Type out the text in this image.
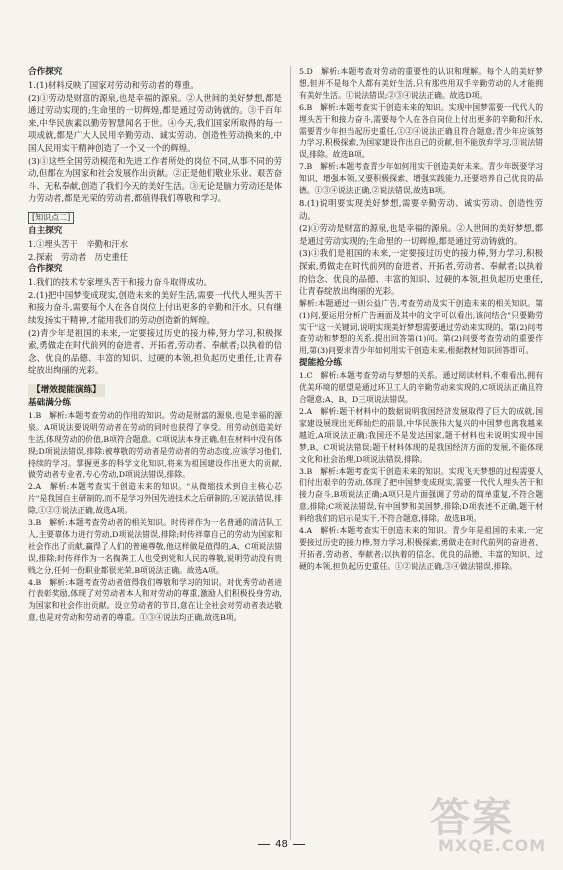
合作探究

1.(1)材料反映了国家对劳动和劳动者的尊重。

(2)①劳动是财富的源泉,也是幸福的源泉。②人世间的美好梦想,都是通过劳动实现的;生命里的一切辉煌,都是通过劳动铸就的。③千百年来,中华民族素以勤劳智慧闻名于世。④今天,我们国家所取得的每一项成就,都是广大人民用辛勤劳动、诚实劳动、创造性劳动换来的,中国人民用实干精神创造了一个又一个的辉煌。

(3)①这些全国劳动模范和先进工作者所处的岗位不同,从事不同的劳动,但都在为国家和社会发展作出贡献。②正是他们敬业乐业、艰苦奋斗、无私奉献,创造了我们今天的美好生活。③无论是脑力劳动还是体力劳动者,都是光荣的劳动者,都值得我们尊敬和学习。

[知识点二]
自主探究

1.①埋头苦干　辛勤和汗水

2.探索　劳动者　历史重任

合作探究

1.我们的技术专家埋头苦干和接力奋斗取得成功。

2.(1)把中国梦变成现实,创造未来的美好生活,需要一代代人埋头苦干和接力奋斗,需要每个人在各自岗位上付出更多的辛勤和汗水。只有继续发扬实干精神,才能用我们的劳动创造新的辉煌。

(2)青少年是祖国的未来,一定要接过历史的接力棒,努力学习,积极探索,勇做走在时代前列的奋进者、开拓者,劳动者、奉献者;以执着的信念、优良的品德、丰富的知识、过硬的本领,担负起历史重任,让青春绽放出绚丽的光彩。

【增效提能演练】
基础满分练

1.B　解析:本题考查劳动的作用的知识。劳动是财富的源泉,也是幸福的源泉。A项说法要说明劳动者在劳动的同时也获得了享受。用劳动创造美好生活,体现劳动的价值,B项符合题意。C项说法本身正确,但在材料中没有体现;D项说法错误,排除:被尊敬的劳动者是劳动者的劳动态度,应该学习他们,持续的学习。掌握更多的科学文化知识,将来为祖国建设作出更大的贡献,做劳动者专业者,专心劳动,D项说法错误,排除。

2.A　解析:本题考查实干创造未来的知识。"从微缩技术到自主核心芯片"是我国自主研制的,而不是学习外国先进技术之后研制的,④说法错误,排除,①②③说法正确,故选A项。

3.B　解析:本题考查劳动者的相关知识。时传祥作为一名普通的清洁队工人,主要靠体力进行劳动,D项说法错误,排除;时传祥靠自己的劳动为国家和社会作出了贡献,赢得了人们的普遍尊敬,他这样做是值得的,A、C项说法错误,排除;时传祥作为一名掏粪工人也受到党和人民的尊敬,说明劳动没有贵贱之分,任何一份职业都很光荣,B项说法正确。故选A项。

4.B　解析:本题考查劳动者值得我们尊敬和学习的知识。对优秀劳动者进行表彰奖励,体现了对劳动者本人和对劳动的尊重,激励人们积极投身劳动,为国家和社会作出贡献。设立劳动者的节日,意在让全社会对劳动者表达敬意,也是对劳动和劳动者的尊重。①③④说法均正确,故选B项。

5.D　解析:本题考查对劳动的重要性的认识和理解。每个人的美好梦想,但并不是每个人都有美好生活,只有那些用双手辛勤劳动的人才能拥有美好生活。①说法错误;②③④说法正确。故选D项。

6.B　解析:本题考查实干创造未来的知识。实现中国梦需要一代代人的埋头苦干和接力奋斗,需要每个人在各自岗位上付出更多的辛勤和汗水,需要青少年担当起历史重任,①②④说法正确且符合题意;青少年应该努力学习,积极探索,为国家建设作出自己的贡献,但不能放弃学习,③说法错误,排除。故选B项。

7.B　解析:本题考查青少年如何用实干创造美好未来。青少年既要学习知识、增强本领,又要积极探索、增强实践能力,还要培养自己优良的品德。①③④说法正确,②说法错误,故选B项。

8.(1)说明要实现美好梦想,需要辛勤劳动、诚实劳动、创造性劳动。

(2)①劳动是财富的源泉,也是幸福的源泉。②人世间的美好梦想,都是通过劳动实现的;生命里的一切辉煌,都是通过劳动铸就的。

(3)①我们是祖国的未来,一定要接过历史的接力棒,努力学习,积极探索,勇做走在时代前列的奋进者、开拓者,劳动者、奉献者;以执着的信念、优良的品德、丰富的知识、过硬的本领,担负起历史重任,让青春绽放出绚丽的光彩。

解析:本题通过一则公益广告,考查劳动及实干创造未来的相关知识。第(1)问,要运用分析广告画面及其中的文字可以看出,该问结合"只要勤劳实干"这一关键词,说明实现美好梦想需要通过劳动来实现的。第(2)问考查劳动和梦想的关系,提出回答第(1)问。第(2)问要考查劳动的重要作用,第(3)问要求青少年如何用实干创造未来,根据教材知识回答即可。

提能抢分练

1.C　解析:本题考查劳动与梦想的关系。通过阅读材料,不难看出,拥有优美环境的愿望是通过环卫工人的辛勤劳动来实现的,C项说法正确且符合题意;A、B、D三项说法错误。

2.A　解析:题干材料中的数据说明我国经济发展取得了巨大的成就,国家建设展现出光辉灿烂的前景,中华民族伟大复兴的中国梦也离我越来越近,A项说法正确;我国还不是发达国家,题干材料也未说明实现中国梦,B、C项说法错误;题干材料体现的是我国经济方面的发展,不能体现文化和社会治理,D项说法错误,排除。

3.B　解析:本题考查实干创造未来的知识。实现飞天梦想的过程需要人们付出艰辛的劳动,体现了把中国梦变成现实,需要一代代人埋头苦干和接力奋斗,B项说法正确;A项只是片面强调了劳动的简单重复,不符合题意,排除;C项说法错误,有中国梦和美国梦,排除;D项表述不正确,题干材料给我们的启示是实干,不符合题意,排除。故选B项。

4.A　解析:本题考查实干创造未来的知识。青少年是祖国的未来,一定要接过历史的接力棒,努力学习,积极探索,勇做走在时代前列的奋进者、开拓者,劳动者、奉献者;以执着的信念、优良的品德、丰富的知识、过硬的本领,担负起历史重任。①②说法正确,③④做法错误,排除。

48
答案
MXQE.COM
